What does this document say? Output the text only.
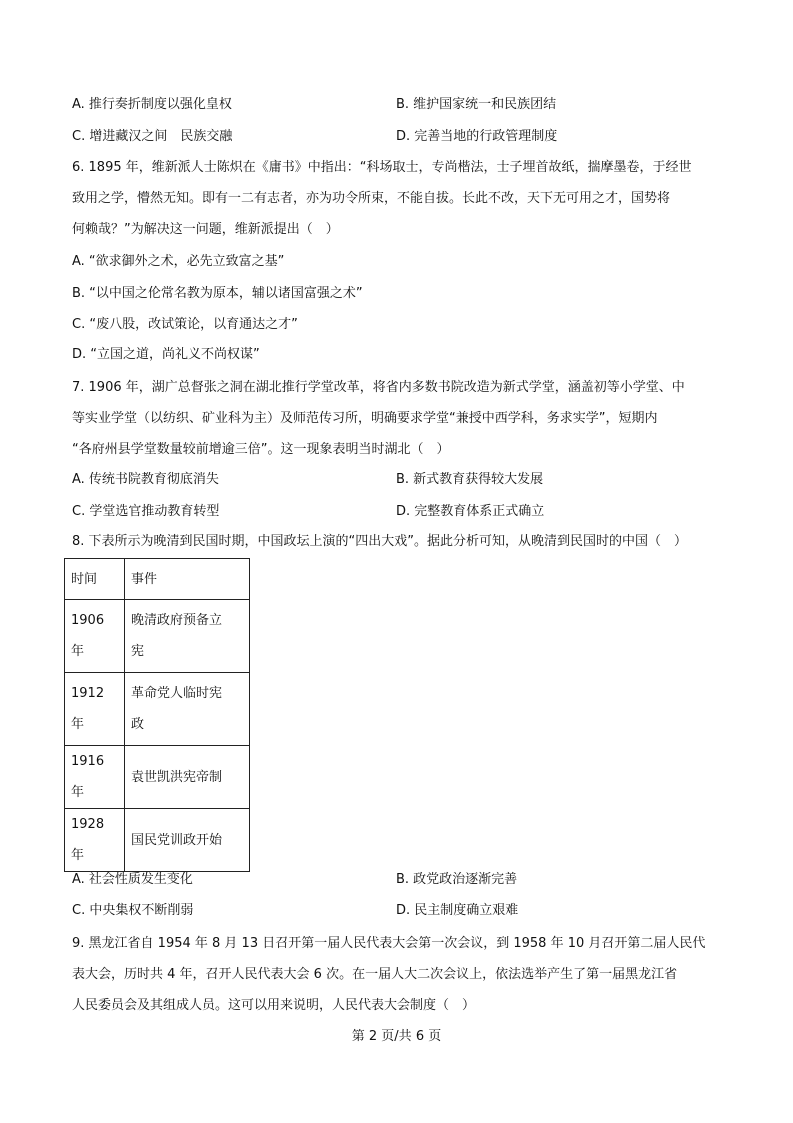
A. 推行奏折制度以强化皇权	B. 维护国家统一和民族团结
C. 增进藏汉之间　民族交融	D. 完善当地的行政管理制度
6. 1895 年，维新派人士陈炽在《庸书》中指出：“科场取士，专尚楷法，士子埋首故纸，揣摩墨卷，于经世
致用之学，懵然无知。即有一二有志者，亦为功令所束，不能自拔。长此不改，天下无可用之才，国势将
何赖哉？”为解决这一问题，维新派提出（　）
A. “欲求御外之术，必先立致富之基”
B. “以中国之伦常名教为原本，辅以诸国富强之术”
C. “废八股，改试策论，以育通达之才”
D. “立国之道，尚礼义不尚权谋”
7. 1906 年，湖广总督张之洞在湖北推行学堂改革，将省内多数书院改造为新式学堂，涵盖初等小学堂、中
等实业学堂（以纺织、矿业科为主）及师范传习所，明确要求学堂“兼授中西学科，务求实学”，短期内
“各府州县学堂数量较前增逾三倍”。这一现象表明当时湖北（　）
A. 传统书院教育彻底消失	B. 新式教育获得较大发展
C. 学堂选官推动教育转型	D. 完整教育体系正式确立
8. 下表所示为晚清到民国时期，中国政坛上演的“四出大戏”。据此分析可知，从晚清到民国时的中国（　）
时间	事件
1906 年	晚清政府预备立
宪

1912 年	革命党人临时宪
政

1916 年	袁世凯洪宪帝制
1928 年	国民党训政开始
A. 社会性质发生变化	B. 政党政治逐渐完善
C. 中央集权不断削弱	D. 民主制度确立艰难
9. 黑龙江省自 1954 年 8 月 13 日召开第一届人民代表大会第一次会议，到 1958 年 10 月召开第二届人民代
表大会，历时共 4 年，召开人民代表大会 6 次。在一届人大二次会议上，依法选举产生了第一届黑龙江省
人民委员会及其组成人员。这可以用来说明，人民代表大会制度（　）
第 2 页/共 6 页
